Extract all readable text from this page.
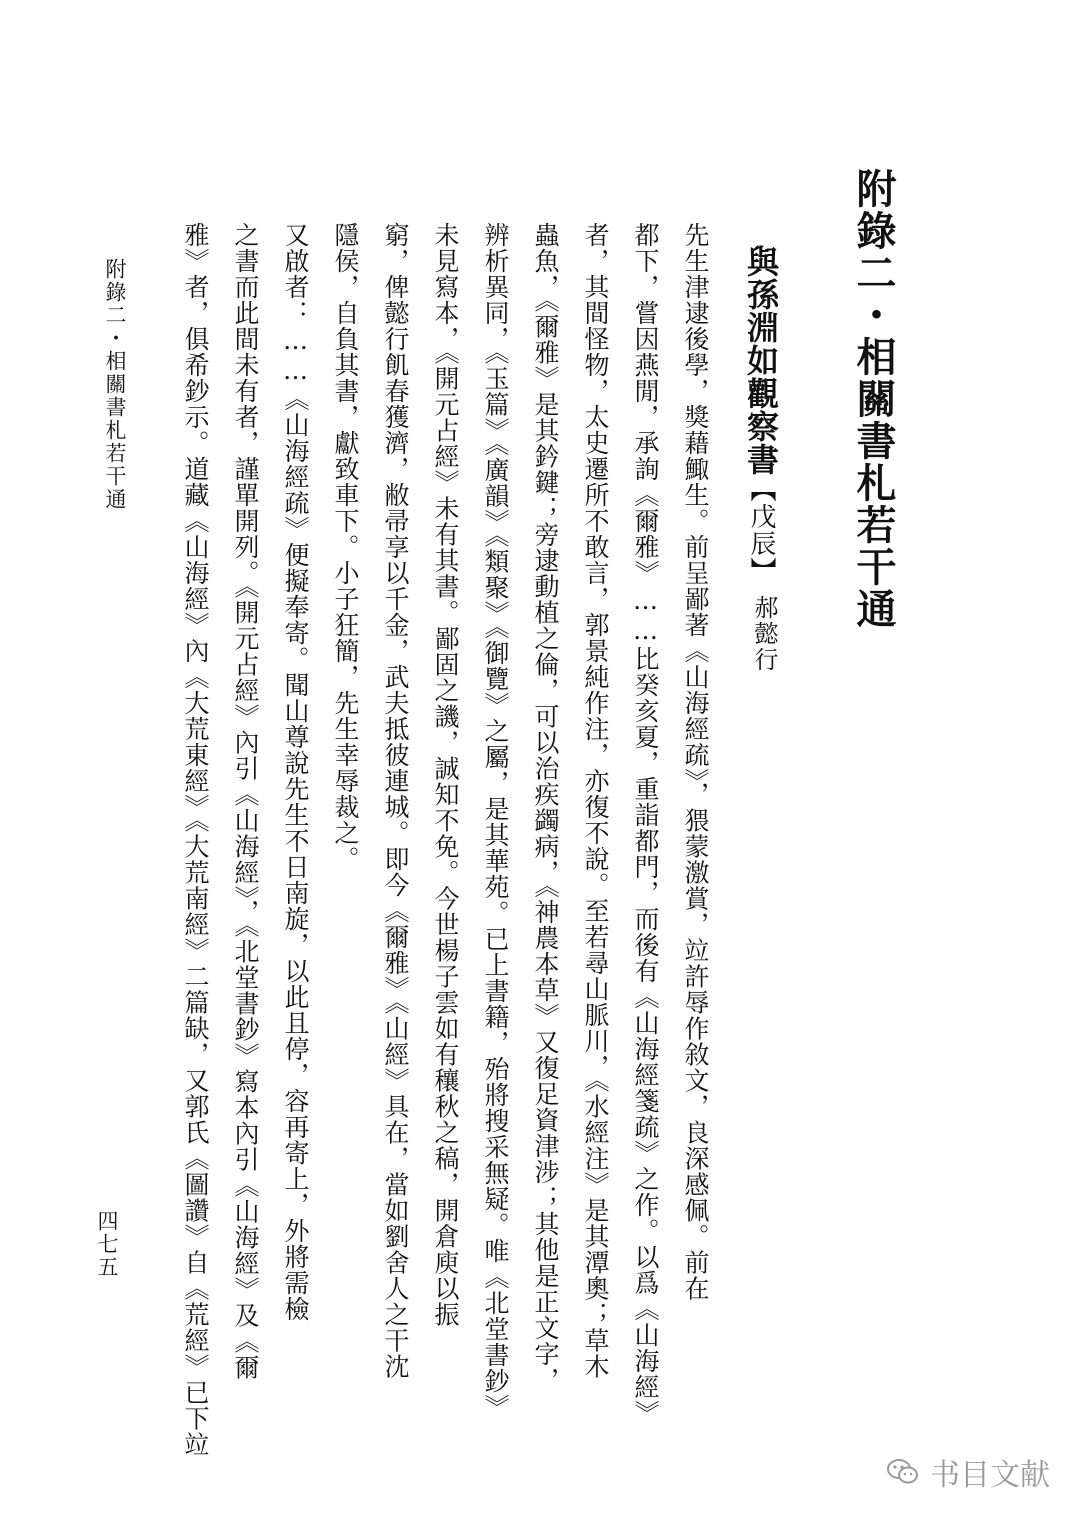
附錄二・相關書札若干通
與孫淵如觀察書【戊辰】
郝懿行
先生津逮後學，獎藉鯫生。前呈鄙著《山海經疏》，猥蒙激賞，竝許辱作敘文，良深感佩。前在
都下，嘗因燕閒，承詢《爾雅》……比癸亥夏，重詣都門，而後有《山海經箋疏》之作。以爲《山海經》
者，其間怪物，太史遷所不敢言，郭景純作注，亦復不說。至若尋山脈川，《水經注》是其潭奧；草木
蟲魚，《爾雅》是其鈐鍵；旁逮動植之倫，可以治疾蠲病，《神農本草》又復足資津涉；其他是正文字，
辨析異同，《玉篇》《廣韻》《類聚》《御覽》之屬，是其華苑。已上書籍，殆將搜采無疑。唯《北堂書鈔》
未見寫本，《開元占經》未有其書。鄙固之譏，誠知不免。今世楊子雲如有穰秋之稿，開倉庾以振
窮，俾懿行飢春獲濟，敝帚享以千金，武夫抵彼連城。即今《爾雅》《山經》具在，當如劉舍人之干沈
隱侯，自負其書，獻致車下。小子狂簡，先生幸辱裁之。
又啟者：……《山海經疏》便擬奉寄。聞山尊說先生不日南旋，以此且停，容再寄上，外將需檢
之書而此間未有者，謹單開列。《開元占經》內引《山海經》，《北堂書鈔》寫本內引《山海經》及《爾
雅》者，俱希鈔示。道藏《山海經》內《大荒東經》《大荒南經》二篇缺，又郭氏《圖讚》自《荒經》已下竝
附錄二・相關書札若干通
四七五
书目文献
